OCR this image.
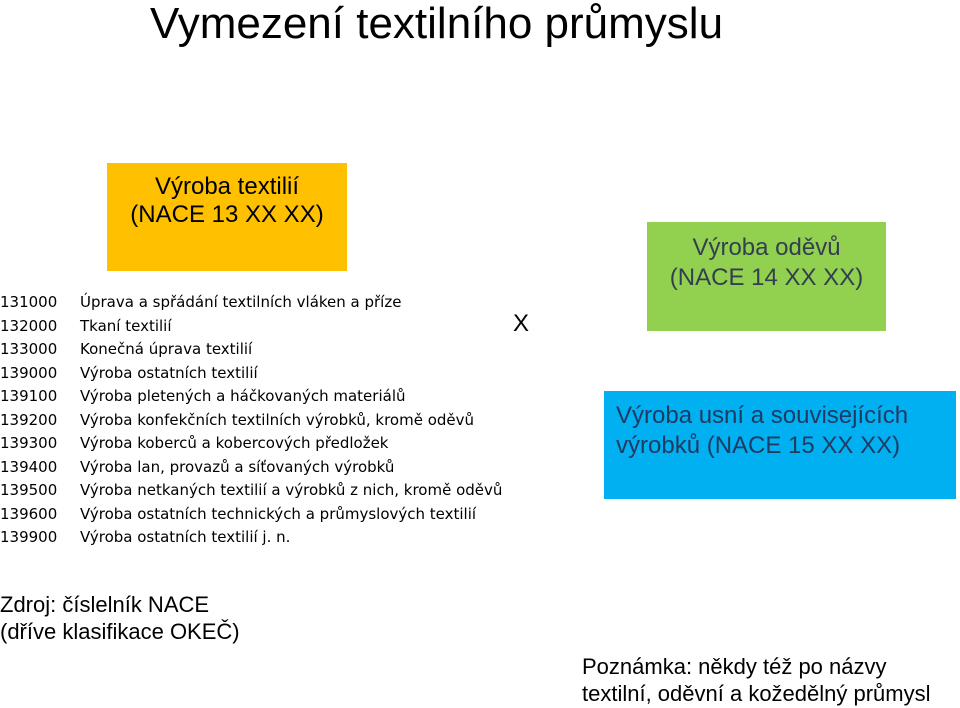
Vymezení textilního průmyslu
Výroba textilií
(NACE 13 XX XX)
Výroba oděvů
(NACE 14 XX XX)
Výroba usní a souvisejících
výrobků (NACE 15 XX XX)
X
131000	Úprava a spřádání textilních vláken a příze
132000	Tkaní textilií
133000	Konečná úprava textilií
139000	Výroba ostatních textilií
139100	Výroba pletených a háčkovaných materiálů
139200	Výroba konfekčních textilních výrobků, kromě oděvů
139300	Výroba koberců a kobercových předložek
139400	Výroba lan, provazů a síťovaných výrobků
139500	Výroba netkaných textilií a výrobků z nich, kromě oděvů
139600	Výroba ostatních technických a průmyslových textilií
139900	Výroba ostatních textilií j. n.
Zdroj: číslelník NACE
(dříve klasifikace OKEČ)
Poznámka: někdy též po názvy
textilní, oděvní a kožedělný průmysl
